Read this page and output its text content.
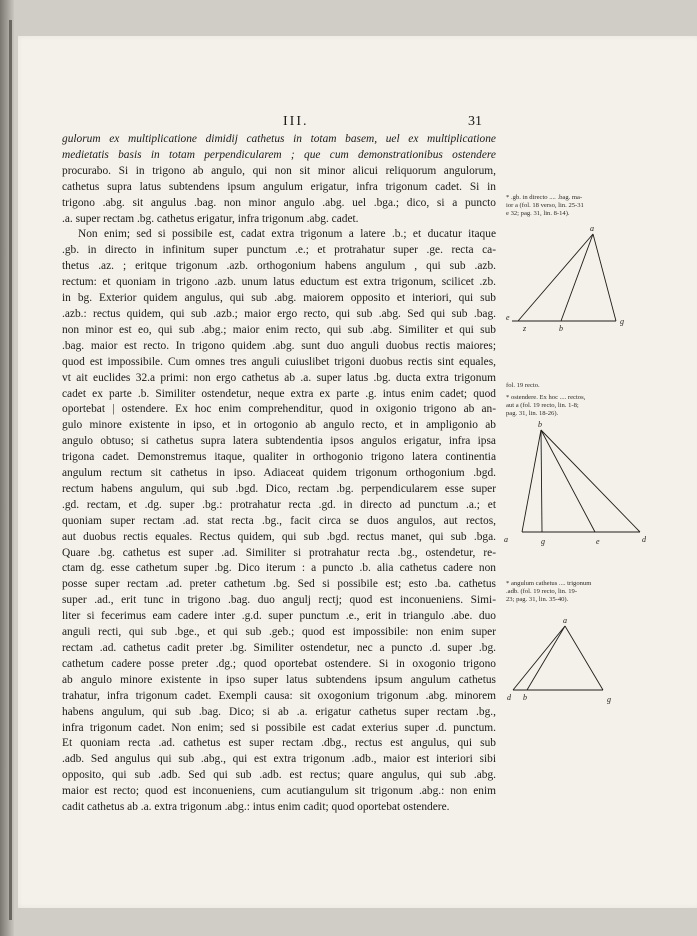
III.	31
gulorum ex multiplicatione dimidij cathetus in totam basem, uel ex multiplicatione
medietatis basis in totam perpendicularem ; que cum demonstrationibus ostendere
procurabo. Si in trigono ab angulo, qui non sit minor alicui reliquorum angulorum,
cathetus supra latus subtendens ipsum angulum erigatur, infra trigonum cadet. Si in
trigono .abg. sit angulus .bag. non minor angulo .abg. uel .bga.; dico, si a puncto
.a. super rectam .bg. cathetus erigatur, infra trigonum .abg. cadet.
Non enim; sed si possibile est, cadat extra trigonum a latere .b.; et ducatur itaque
.gb. in directo in infinitum super punctum .e.; et protrahatur super .ge. recta ca-
thetus .az. ; eritque trigonum .azb. orthogonium habens angulum , qui sub .azb.
rectum: et quoniam in trigono .azb. unum latus eductum est extra trigonum, scilicet .zb.
in bg. Exterior quidem angulus, qui sub .abg. maiorem opposito et interiori, qui sub
.azb.: rectus quidem, qui sub .azb.; maior ergo recto, qui sub .abg. Sed qui sub .bag.
non minor est eo, qui sub .abg.; maior enim recto, qui sub .abg. Similiter et qui sub
.bag. maior est recto. In trigono quidem .abg. sunt duo anguli duobus rectis maiores;
quod est impossibile. Cum omnes tres anguli cuiuslibet trigoni duobus rectis sint equales,
vt ait euclides 32.a primi: non ergo cathetus ab .a. super latus .bg. ducta extra trigonum
cadet ex parte .b. Similiter ostendetur, neque extra ex parte .g. intus enim cadet; quod
oportebat | ostendere. Ex hoc enim comprehenditur, quod in oxigonio trigono ab an-
gulo minore existente in ipso, et in ortogonio ab angulo recto, et in ampligonio ab
angulo obtuso; si cathetus supra latera subtendentia ipsos angulos erigatur, infra ipsa
trigona cadet. Demonstremus itaque, qualiter in orthogonio trigono latera continentia
angulum rectum sit cathetus in ipso. Adiaceat quidem trigonum orthogonium .bgd.
rectum habens angulum, qui sub .bgd. Dico, rectam .bg. perpendicularem esse super
.gd. rectam, et .dg. super .bg.: protrahatur recta .gd. in directo ad punctum .a.; et
quoniam super rectam .ad. stat recta .bg., facit circa se duos angulos, aut rectos,
aut duobus rectis equales. Rectus quidem, qui sub .bgd. rectus manet, qui sub .bga.
Quare .bg. cathetus est super .ad. Similiter si protrahatur recta .bg., ostendetur, re-
ctam dg. esse cathetum super .bg. Dico iterum : a puncto .b. alia cathetus cadere non
posse super rectam .ad. preter cathetum .bg. Sed si possibile est; esto .ba. cathetus
super .ad., erit tunc in trigono .bag. duo angulj rectj; quod est inconueniens. Simi-
liter si fecerimus eam cadere inter .g.d. super punctum .e., erit in triangulo .abe. duo
anguli recti, qui sub .bge., et qui sub .geb.; quod est impossibile: non enim super
rectam .ad. cathetus cadit preter .bg. Similiter ostendetur, nec a puncto .d. super .bg.
cathetum cadere posse preter .dg.; quod oportebat ostendere. Si in oxogonio trigono
ab angulo minore existente in ipso super latus subtendens ipsum angulum cathetus
trahatur, infra trigonum cadet. Exempli causa: sit oxogonium trigonum .abg. minorem
habens angulum, qui sub .bag. Dico; si ab .a. erigatur cathetus super rectam .bg.,
infra trigonum cadet. Non enim; sed si possibile est cadat exterius super .d. punctum.
Et quoniam recta .ad. cathetus est super rectam .dbg., rectus est angulus, qui sub
.adb. Sed angulus qui sub .abg., qui est extra trigonum .adb., maior est interiori sibi
opposito, qui sub .adb. Sed qui sub .adb. est rectus; quare angulus, qui sub .abg.
maior est recto; quod est inconueniens, cum acutiangulum sit trigonum .abg.: non enim
cadit cathetus ab .a. extra trigonum .abg.: intus enim cadit; quod oportebat ostendere.
* .gb. in directo .... .bag. ma-
ior a (fol. 18 verso, lin. 25-31
e 32; pag. 31, lin. 8-14).
a
e
z	b
g
fol. 19 recto.
* ostendere. Ex hoc .... rectos,
aut a (fol. 19 recto, lin. 1-8;
pag. 31, lin. 18-26).
b
a	g	e	d
* angulum cathetus .... trigonum
.adb. (fol. 19 recto, lin. 19-
23; pag. 31, lin. 35-40).
a
d b	g
